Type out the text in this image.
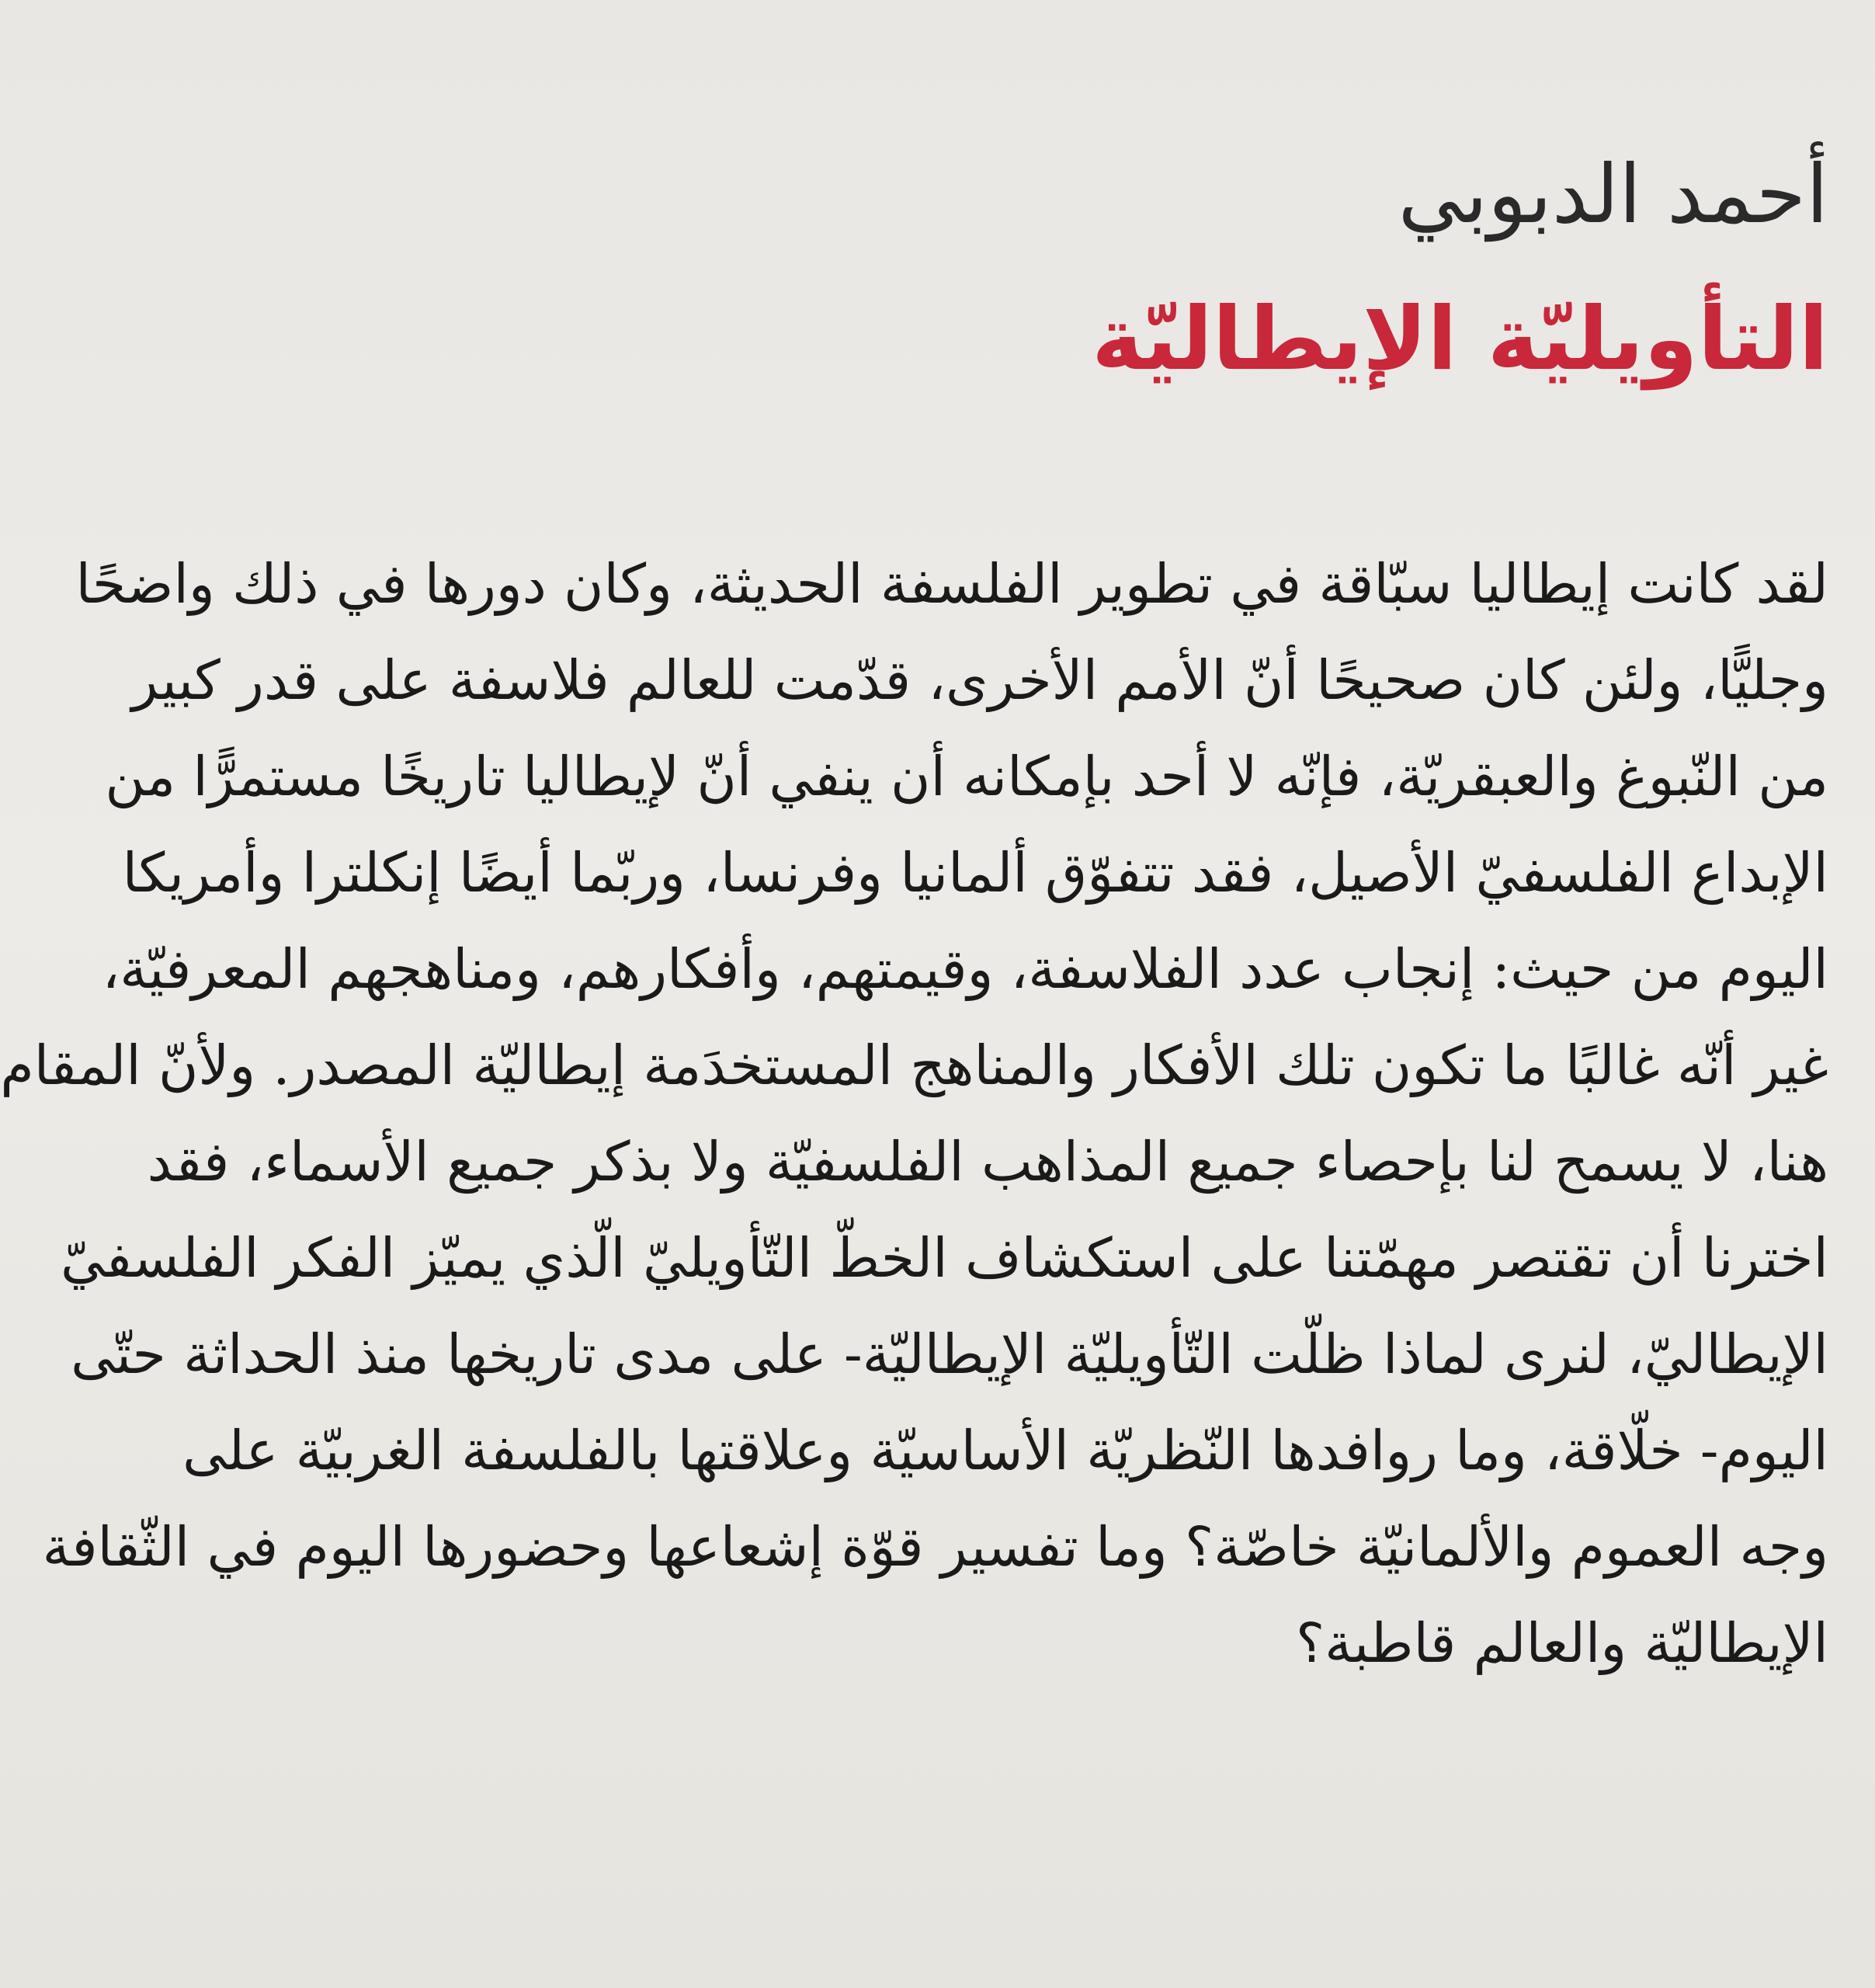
أحمد الدبوبي
التأويليّة الإيطاليّة
لقد كانت إيطاليا سبّاقة في تطوير الفلسفة الحديثة، وكان دورها في ذلك واضحًا
وجليًّا، ولئن كان صحيحًا أنّ الأمم الأخرى، قدّمت للعالم فلاسفة على قدر كبير
من النّبوغ والعبقريّة، فإنّه لا أحد بإمكانه أن ينفي أنّ لإيطاليا تاريخًا مستمرًّا من
الإبداع الفلسفيّ الأصيل، فقد تتفوّق ألمانيا وفرنسا، وربّما أيضًا إنكلترا وأمريكا
اليوم من حيث: إنجاب عدد الفلاسفة، وقيمتهم، وأفكارهم، ومناهجهم المعرفيّة،
غير أنّه غالبًا ما تكون تلك الأفكار والمناهج المستخدَمة إيطاليّة المصدر. ولأنّ المقام
هنا، لا يسمح لنا بإحصاء جميع المذاهب الفلسفيّة ولا بذكر جميع الأسماء، فقد
اخترنا أن تقتصر مهمّتنا على استكشاف الخطّ التّأويليّ الّذي يميّز الفكر الفلسفيّ
الإيطاليّ، لنرى لماذا ظلّت التّأويليّة الإيطاليّة- على مدى تاريخها منذ الحداثة حتّى
اليوم- خلّاقة، وما روافدها النّظريّة الأساسيّة وعلاقتها بالفلسفة الغربيّة على
وجه العموم والألمانيّة خاصّة؟ وما تفسير قوّة إشعاعها وحضورها اليوم في الثّقافة
الإيطاليّة والعالم قاطبة؟
